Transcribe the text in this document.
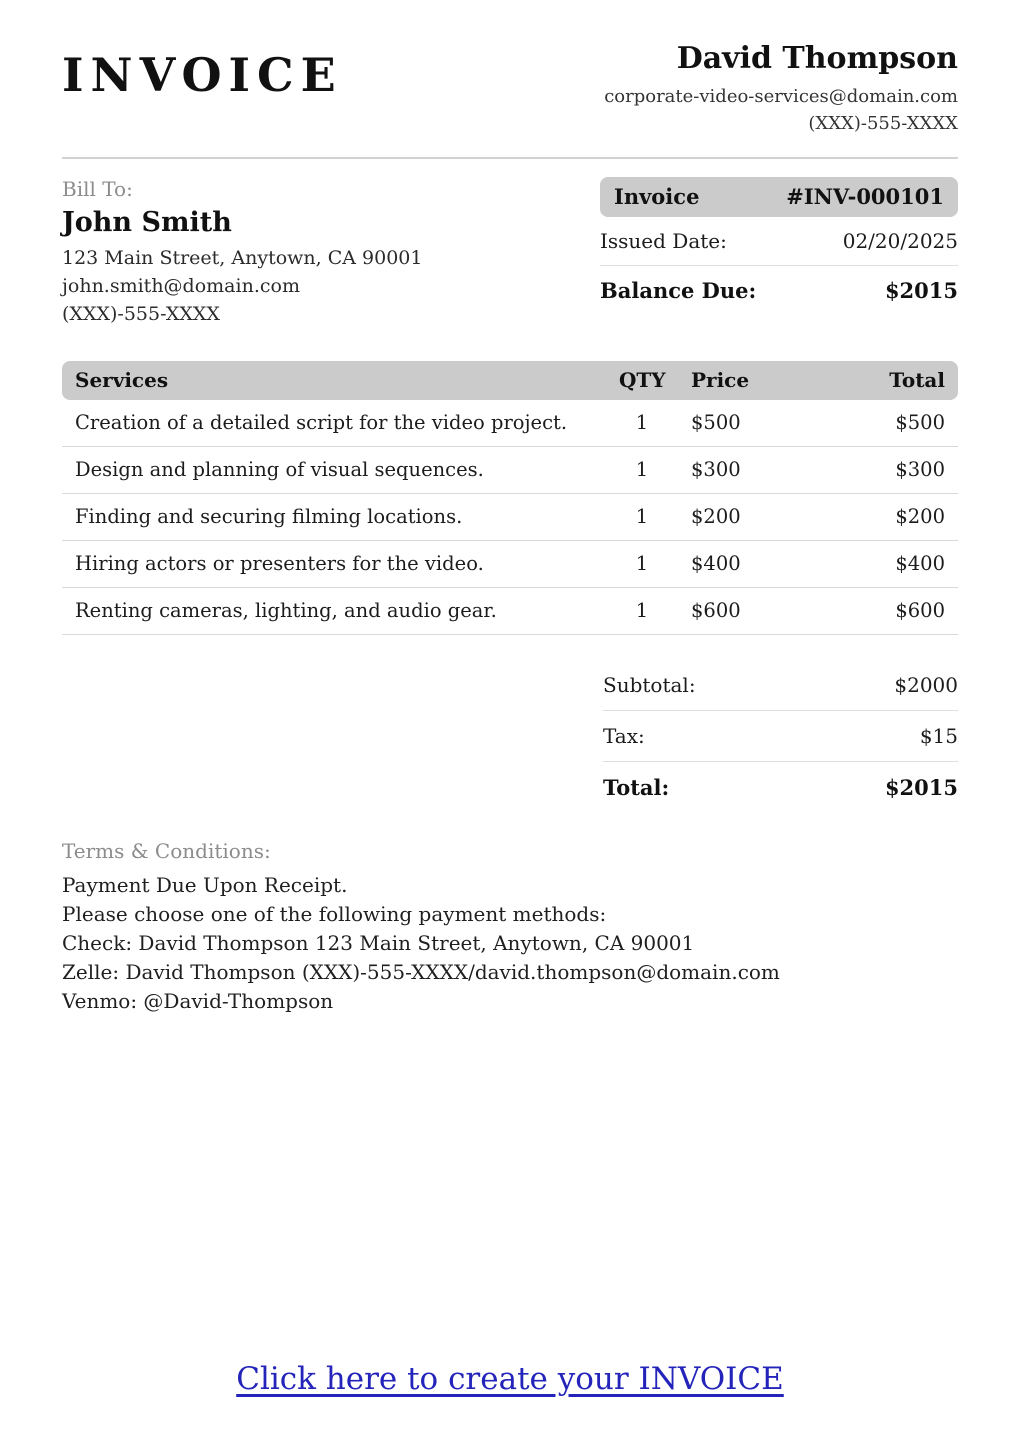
INVOICE	David Thompson
corporate-video-services@domain.com
(XXX)-555-XXXX
Bill To:
John Smith
123 Main Street, Anytown, CA 90001
john.smith@domain.com
(XXX)-555-XXXX
Invoice	#INV-000101
Issued Date:	02/20/2025
Balance Due:	$2015
Services	QTY	Price	Total
Creation of a detailed script for the video project.	1	$500	$500
Design and planning of visual sequences.	1	$300	$300
Finding and securing filming locations.	1	$200	$200
Hiring actors or presenters for the video.	1	$400	$400
Renting cameras, lighting, and audio gear.	1	$600	$600
Subtotal:	$2000
Tax:	$15
Total:	$2015
Terms & Conditions:
Payment Due Upon Receipt.
Please choose one of the following payment methods:
Check: David Thompson 123 Main Street, Anytown, CA 90001
Zelle: David Thompson (XXX)-555-XXXX/david.thompson@domain.com
Venmo: @David-Thompson
Click here to create your INVOICE
